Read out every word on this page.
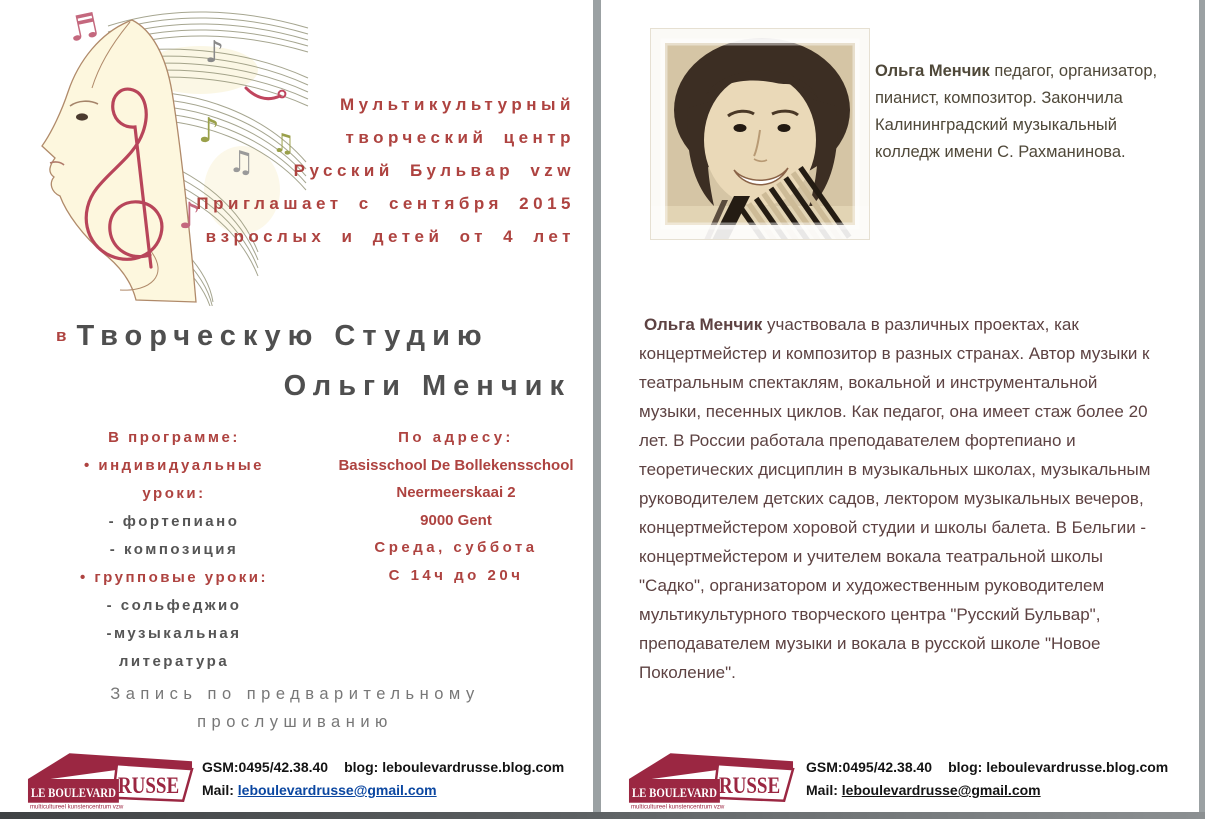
♬
♪
♪
♫
♪
♫
Мультикультурный
творческий центр
Русский Бульвар vzw
Приглашает с сентября 2015
взрослых и детей от 4 лет
в Творческую Студию
Ольги Менчик
В программе:
• индивидуальные
уроки:
- фортепиано
- композиция
• групповые уроки:
- сольфеджио
-музыкальная
литература
По адресу:
Basisschool De Bollekensschool
Neermeerskaai 2
9000 Gent
Среда, суббота
С 14ч до 20ч
Запись по предварительному
прослушиванию
LE BOULEVARD RUSSE
multicultureel kunstencentrum vzw
GSM:0495/42.38.40 blog: leboulevardrusse.blog.com
Mail: leboulevardrusse@gmail.com
Ольга Менчик педагог, организатор, пианист, композитор. Закончила Калининградский музыкальный колледж имени С. Рахманинова.
Ольга Менчик участвовала в различных проектах, как концертмейстер и композитор в разных странах. Автор музыки к театральным спектаклям, вокальной и инструментальной музыки, песенных циклов. Как педагог, она имеет стаж более 20 лет. В России работала преподавателем фортепиано и теоретических дисциплин в музыкальных школах, музыкальным руководителем детских садов, лектором музыкальных вечеров, концертмейстером хоровой студии и школы балета. В Бельгии - концертмейстером и учителем вокала театральной школы "Садко", организатором и художественным руководителем мультикультурного творческого центра "Русский Бульвар", преподавателем музыки и вокала в русской школе "Новое Поколение".
LE BOULEVARD RUSSE
multicultureel kunstencentrum vzw
GSM:0495/42.38.40 blog: leboulevardrusse.blog.com
Mail: leboulevardrusse@gmail.com
